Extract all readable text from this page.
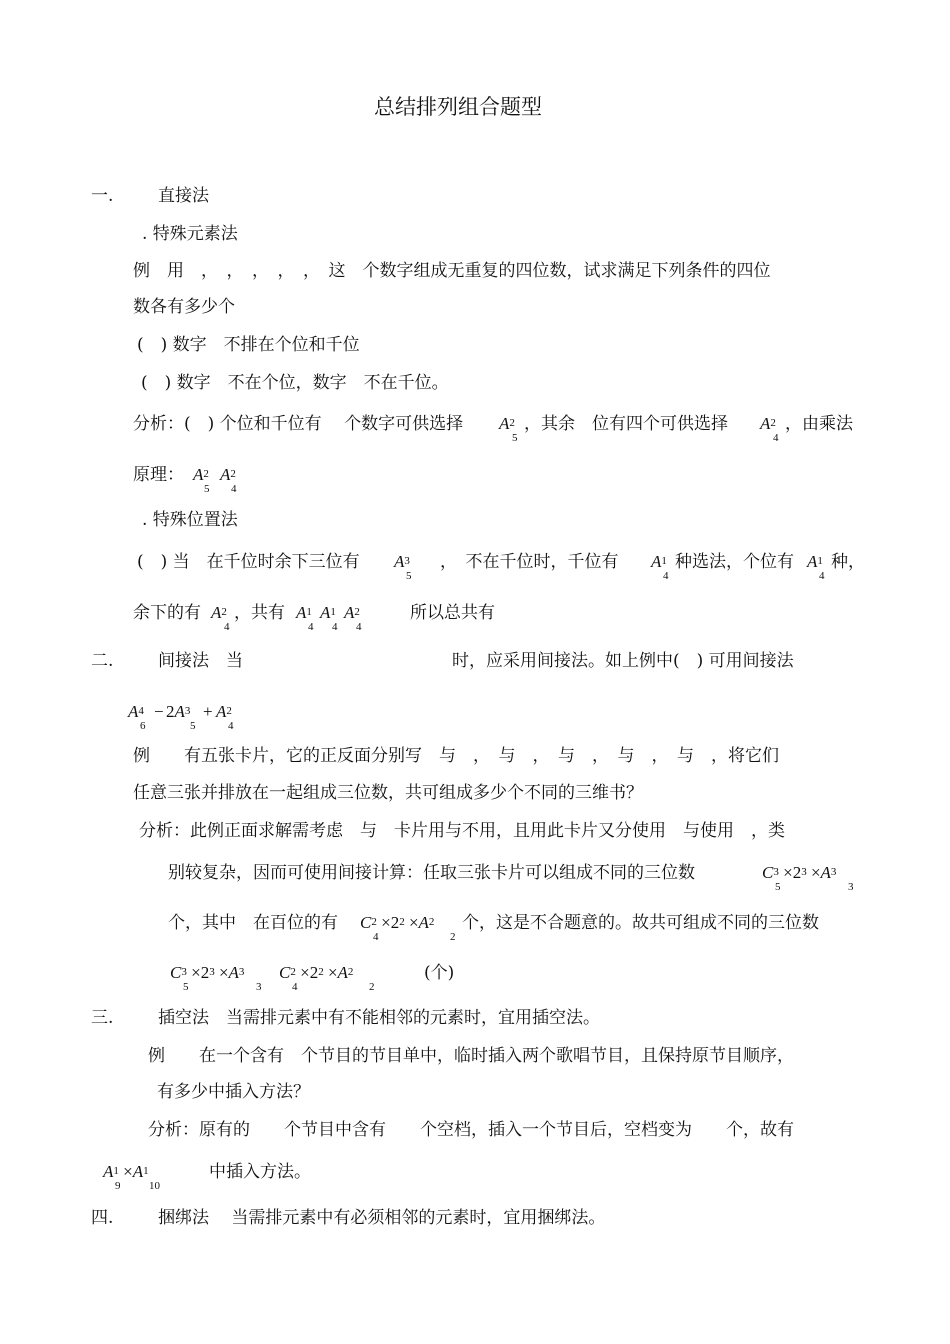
总结排列组合题型
一.	直接法
. 特殊元素法
例　用　，　，　，　，　，　这　个数字组成无重复的四位数，试求满足下列条件的四位
数各有多少个
(　) 数字　不排在个位和千位
(　) 数字　不在个位，数字　不在千位。
分析：(　) 个位和千位有　 个数字可供选择 A2
5
，其余　位有四个可供选择 A2
4
，由乘法
原理： A2
5
A2
4
. 特殊位置法
(　) 当　在千位时余下三位有 A3
5
，　不在千位时，千位有 A1
4
种选法，个位有 A1
4
种，
余下的有 A2
4
，共有 A1
4
A1
4
A2
4
所以总共有
二.	间接法　当	时，应采用间接法。如上例中(　) 可用间接法
A4
6
− 2A3
5
+ A2
4
例　　有五张卡片，它的正反面分别写　与　，　与　，　与　，　与　，　与　，将它们
任意三张并排放在一起组成三位数，共可组成多少个不同的三维书？
分析：此例正面求解需考虑　与　卡片用与不用，且用此卡片又分使用　与使用　，类
别较复杂，因而可使用间接计算：任取三张卡片可以组成不同的三位数	C3
5
×23 ×A3
3
个，其中　在百位的有 C2
4
×22 ×A2
2
个，这是不合题意的。故共可组成不同的三位数
C3
5
×23 ×A3
3
C2
4
×22 ×A2
2
(个)
三.	插空法　当需排元素中有不能相邻的元素时，宜用插空法。
例　　在一个含有　个节目的节目单中，临时插入两个歌唱节目，且保持原节目顺序，
有多少中插入方法？
分析：原有的　　个节目中含有　　个空档，插入一个节目后，空档变为　　个，故有
A1
9
×A1
10
中插入方法。
四.	捆绑法　 当需排元素中有必须相邻的元素时，宜用捆绑法。
